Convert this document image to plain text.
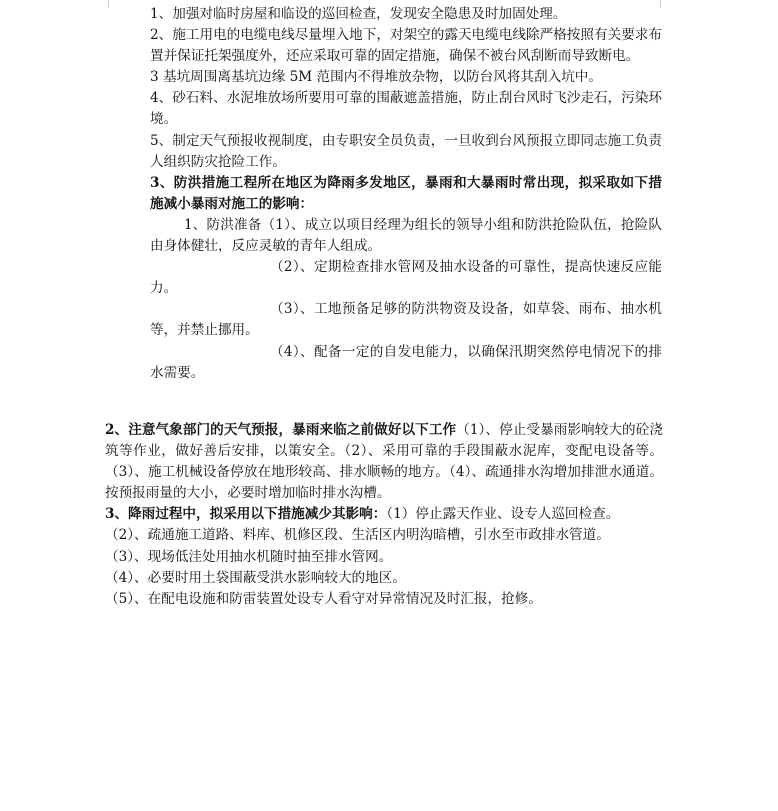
1、加强对临时房屋和临设的巡回检查，发现安全隐患及时加固处理。

2、施工用电的电缆电线尽量埋入地下，对架空的露天电缆电线除严格按照有关要求布置并保证托架强度外，还应采取可靠的固定措施，确保不被台风刮断而导致断电。

3 基坑周围离基坑边缘 5M 范围内不得堆放杂物，以防台风将其刮入坑中。

4、砂石料、水泥堆放场所要用可靠的围蔽遮盖措施，防止刮台风时飞沙走石，污染环境。

5、制定天气预报收视制度，由专职安全员负责，一旦收到台风预报立即同志施工负责人组织防灾抢险工作。

3、防洪措施工程所在地区为降雨多发地区，暴雨和大暴雨时常出现，拟采取如下措施减小暴雨对施工的影响：

1、防洪准备（1）、成立以项目经理为组长的领导小组和防洪抢险队伍，抢险队由身体健壮，反应灵敏的青年人组成。

（2）、定期检查排水管网及抽水设备的可靠性，提高快速反应能力。

（3）、工地预备足够的防洪物资及设备，如草袋、雨布、抽水机等，并禁止挪用。

（4）、配备一定的自发电能力，以确保汛期突然停电情况下的排水需要。

2、注意气象部门的天气预报，暴雨来临之前做好以下工作（1）、停止受暴雨影响较大的砼浇筑等作业，做好善后安排，以策安全。（2）、采用可靠的手段围蔽水泥库，变配电设备等。（3）、施工机械设备停放在地形较高、排水顺畅的地方。（4）、疏通排水沟增加排泄水通道。按预报雨量的大小，必要时增加临时排水沟槽。

3、降雨过程中，拟采用以下措施减少其影响：（1）停止露天作业、设专人巡回检查。

（2）、疏通施工道路、料库、机修区段、生活区内明沟暗槽，引水至市政排水管道。

（3）、现场低洼处用抽水机随时抽至排水管网。

（4）、必要时用土袋围蔽受洪水影响较大的地区。

（5）、在配电设施和防雷装置处设专人看守对异常情况及时汇报，抢修。
